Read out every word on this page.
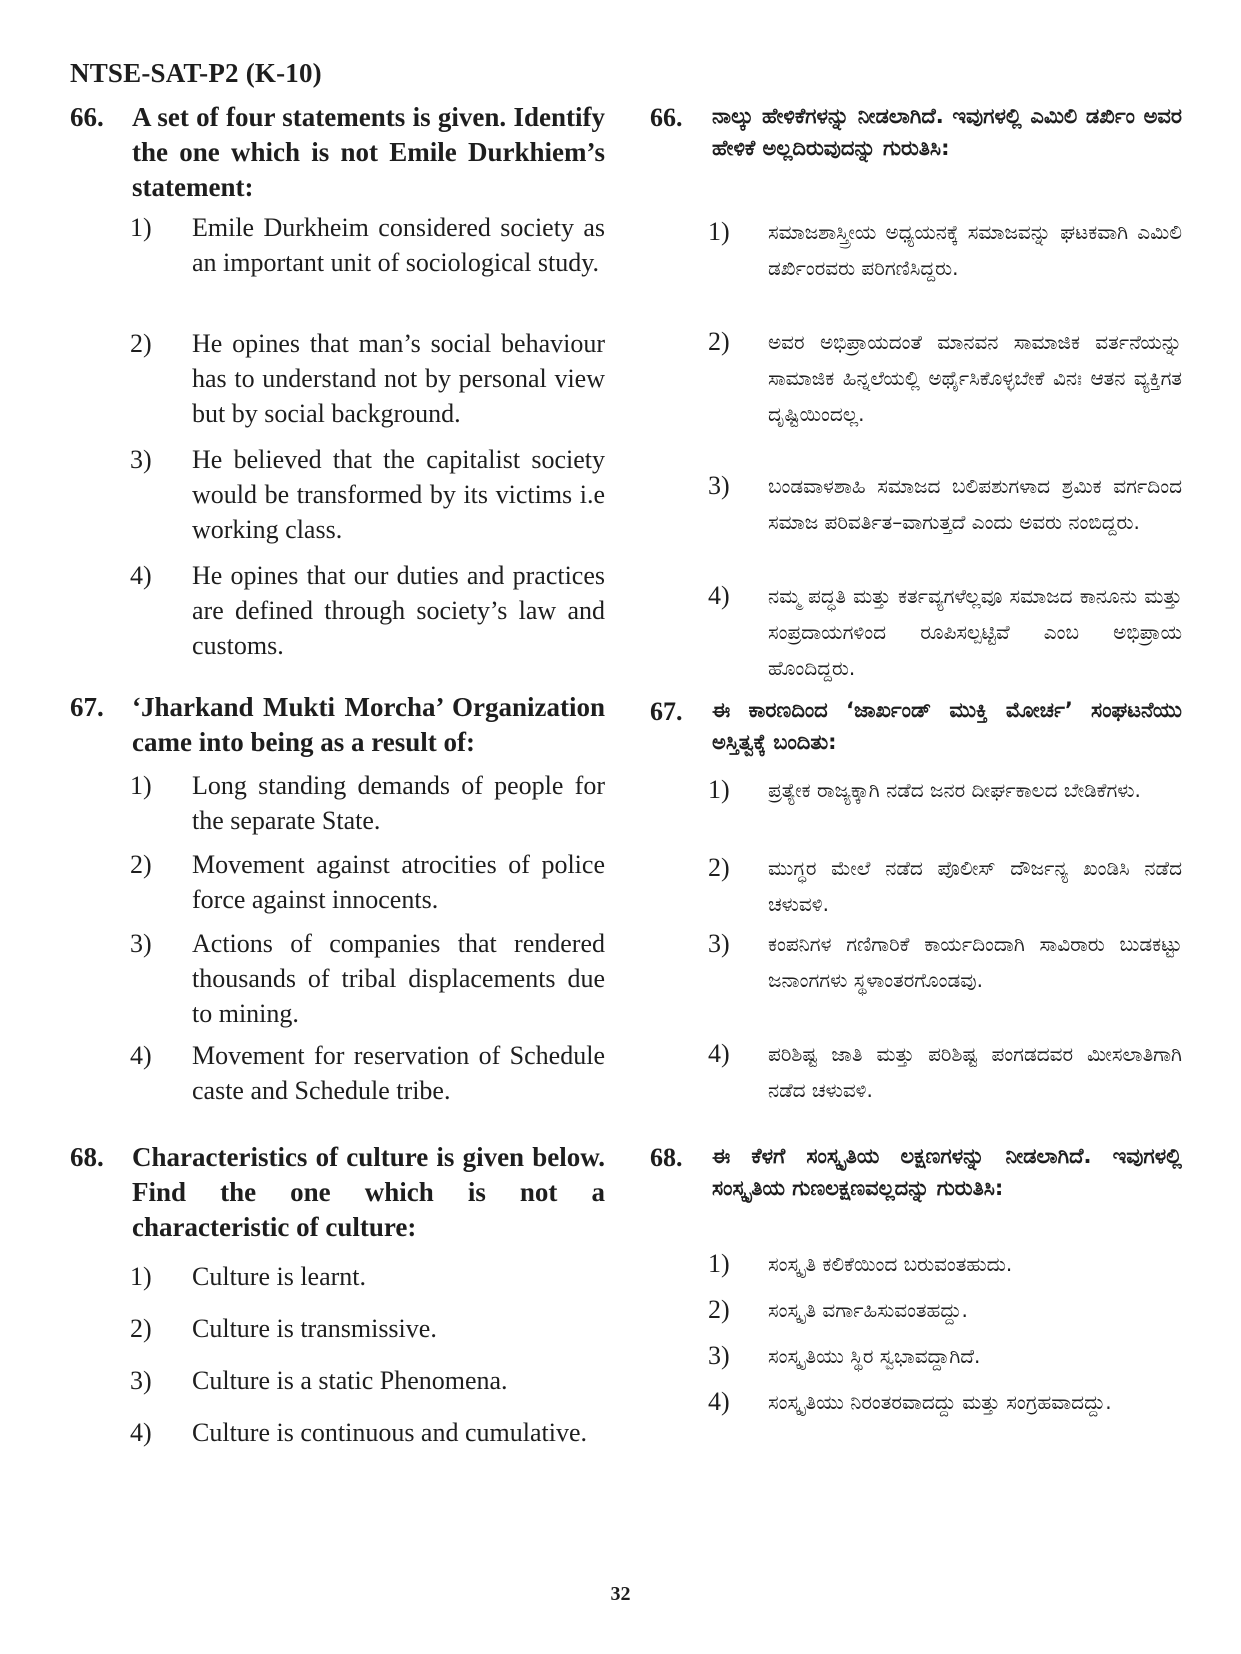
NTSE-SAT-P2 (K-10)
66.	A set of four statements is given. Identify the one which is not Emile Durkhiem’s statement:
1)	Emile Durkheim considered society as an important unit of sociological study.
2)	He opines that man’s social behaviour has to understand not by personal view but by social background.
3)	He believed that the capitalist society would be transformed by its victims i.e working class.
4)	He opines that our duties and practices are defined through society’s law and customs.
67.	‘Jharkand Mukti Morcha’ Organization came into being as a result of:
1)	Long standing demands of people for the separate State.
2)	Movement against atrocities of police force against innocents.
3)	Actions of companies that rendered thousands of tribal displacements due to mining.
4)	Movement for reservation of Schedule caste and Schedule tribe.
68.	Characteristics of culture is given below. Find the one which is not a characteristic of culture:
1)	Culture is learnt.
2)	Culture is transmissive.
3)	Culture is a static Phenomena.
4)	Culture is continuous and cumulative.
66.	ನಾಲ್ಕು ಹೇಳಿಕೆಗಳನ್ನು ನೀಡಲಾಗಿದೆ. ಇವುಗಳಲ್ಲಿ ಎಮಿಲಿ ಡರ್ಖಿಂ ಅವರ ಹೇಳಿಕೆ ಅಲ್ಲದಿರುವುದನ್ನು ಗುರುತಿಸಿ:
1)	ಸಮಾಜಶಾಸ್ತ್ರೀಯ ಅಧ್ಯಯನಕ್ಕೆ ಸಮಾಜವನ್ನು ಘಟಕವಾಗಿ ಎಮಿಲಿ ಡರ್ಖಿಂರವರು ಪರಿಗಣಿಸಿದ್ದರು.
2)	ಅವರ ಅಭಿಪ್ರಾಯದಂತೆ ಮಾನವನ ಸಾಮಾಜಿಕ ವರ್ತನೆಯನ್ನು ಸಾಮಾಜಿಕ ಹಿನ್ನಲೆಯಲ್ಲಿ ಅರ್ಥೈಸಿಕೊಳ್ಳಬೇಕೆ ವಿನಃ ಆತನ ವ್ಯಕ್ತಿಗತ ದೃಷ್ಟಿಯಿಂದಲ್ಲ.
3)	ಬಂಡವಾಳಶಾಹಿ ಸಮಾಜದ ಬಲಿಪಶುಗಳಾದ ಶ್ರಮಿಕ ವರ್ಗದಿಂದ ಸಮಾಜ ಪರಿವರ್ತಿತ–ವಾಗುತ್ತದೆ ಎಂದು ಅವರು ನಂಬಿದ್ದರು.
4)	ನಮ್ಮ ಪದ್ಧತಿ ಮತ್ತು ಕರ್ತವ್ಯಗಳೆಲ್ಲವೂ ಸಮಾಜದ ಕಾನೂನು ಮತ್ತು ಸಂಪ್ರದಾಯಗಳಿಂದ ರೂಪಿಸಲ್ಪಟ್ಟಿವೆ ಎಂಬ ಅಭಿಪ್ರಾಯ ಹೊಂದಿದ್ದರು.
67.	ಈ ಕಾರಣದಿಂದ ‘ಜಾರ್ಖಂಡ್ ಮುಕ್ತಿ ಮೋರ್ಚ’ ಸಂಘಟನೆಯು ಅಸ್ತಿತ್ವಕ್ಕೆ ಬಂದಿತು:
1)	ಪ್ರತ್ಯೇಕ ರಾಜ್ಯಕ್ಕಾಗಿ ನಡೆದ ಜನರ ದೀರ್ಘಕಾಲದ ಬೇಡಿಕೆಗಳು.
2)	ಮುಗ್ಧರ ಮೇಲೆ ನಡೆದ ಪೊಲೀಸ್ ದೌರ್ಜನ್ಯ ಖಂಡಿಸಿ ನಡೆದ ಚಳುವಳಿ.
3)	ಕಂಪನಿಗಳ ಗಣಿಗಾರಿಕೆ ಕಾರ್ಯದಿಂದಾಗಿ ಸಾವಿರಾರು ಬುಡಕಟ್ಟು ಜನಾಂಗಗಳು ಸ್ಥಳಾಂತರಗೊಂಡವು.
4)	ಪರಿಶಿಷ್ಟ ಜಾತಿ ಮತ್ತು ಪರಿಶಿಷ್ಟ ಪಂಗಡದವರ ಮೀಸಲಾತಿಗಾಗಿ ನಡೆದ ಚಳುವಳಿ.
68.	ಈ ಕೆಳಗೆ ಸಂಸ್ಕೃತಿಯ ಲಕ್ಷಣಗಳನ್ನು ನೀಡಲಾಗಿದೆ. ಇವುಗಳಲ್ಲಿ ಸಂಸ್ಕೃತಿಯ ಗುಣಲಕ್ಷಣವಲ್ಲದನ್ನು ಗುರುತಿಸಿ:
1)	ಸಂಸ್ಕೃತಿ ಕಲಿಕೆಯಿಂದ ಬರುವಂತಹುದು.
2)	ಸಂಸ್ಕೃತಿ ವರ್ಗಾಹಿಸುವಂತಹದ್ದು.
3)	ಸಂಸ್ಕೃತಿಯು ಸ್ಥಿರ ಸ್ವಭಾವದ್ದಾಗಿದೆ.
4)	ಸಂಸ್ಕೃತಿಯು ನಿರಂತರವಾದದ್ದು ಮತ್ತು ಸಂಗ್ರಹವಾದದ್ದು.
32
